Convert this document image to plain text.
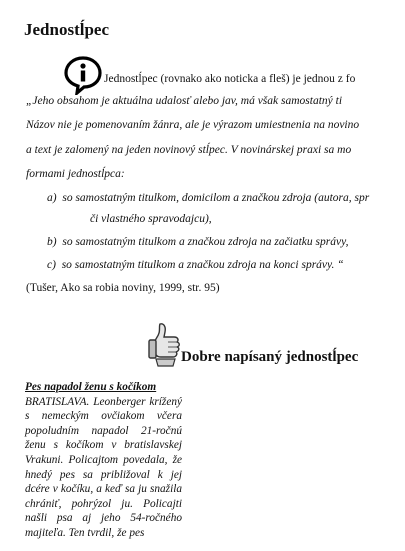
Jednostĺpec
Jednostĺpec (rovnako ako noticka a fleš) je jednou z fo
„Jeho obsahom je aktuálna udalosť alebo jav, má však samostatný ti
Názov nie je pomenovaním žánra, ale je výrazom umiestnenia na novino
a text je zalomený na jeden novinový stĺpec. V novinárskej praxi sa mo
formami jednostĺpca:
a) so samostatným titulkom, domicilom a značkou zdroja (autora, spr
či vlastného spravodajcu),
b) so samostatným titulkom a značkou zdroja na začiatku správy,
c) so samostatným titulkom a značkou zdroja na konci správy. “
(Tušer, Ako sa robia noviny, 1999, str. 95)
Dobre napísaný jednostĺpec
Pes napadol ženu s kočíkom
BRATISLAVA. Leonberger krížený s nemeckým ovčiakom včera popoludním napadol 21-ročnú ženu s kočíkom v bratislavskej Vrakuni. Policajtom povedala, že hnedý pes sa približoval k jej dcére v kočíku, a keď sa ju snažila chrániť, pohrýzol ju. Policajti našli psa aj jeho 54-ročného majiteľa. Ten tvrdil, že pes
